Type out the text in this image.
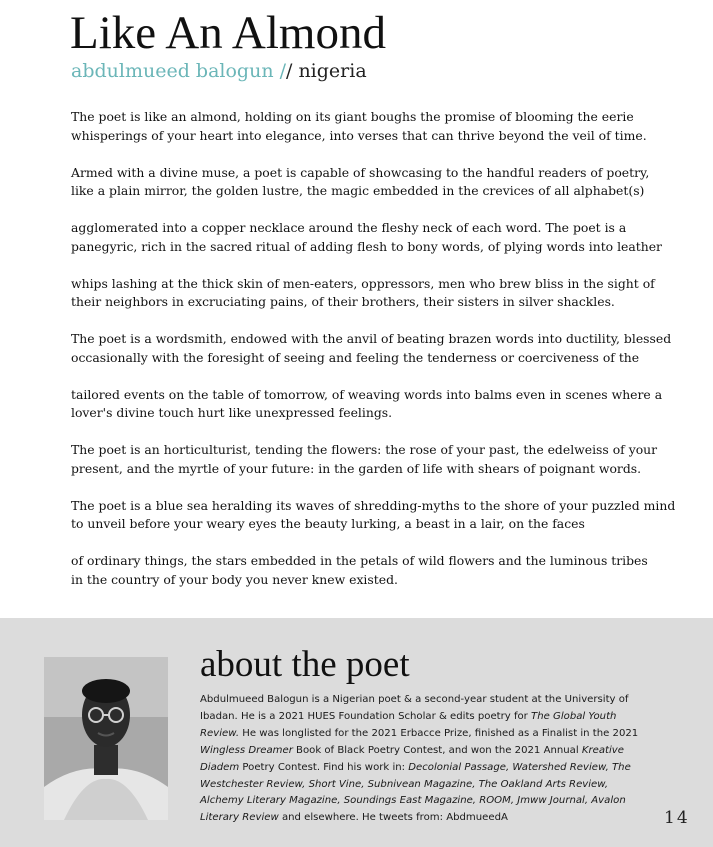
Like An Almond

abdulmueed balogun // nigeria

The poet is like an almond, holding on its giant boughs the promise of blooming the eerie
whisperings of your heart into elegance, into verses that can thrive beyond the veil of time.

Armed with a divine muse, a poet is capable of showcasing to the handful readers of poetry,
like a plain mirror, the golden lustre, the magic embedded in the crevices of all alphabet(s)

agglomerated into a copper necklace around the fleshy neck of each word. The poet is a
panegyric, rich in the sacred ritual of adding flesh to bony words, of plying words into leather

whips lashing at the thick skin of men-eaters, oppressors, men who brew bliss in the sight of
their neighbors in excruciating pains, of their brothers, their sisters in silver shackles.

The poet is a wordsmith, endowed with the anvil of beating brazen words into ductility, blessed
occasionally with the foresight of seeing and feeling the tenderness or coerciveness of the

tailored events on the table of tomorrow, of weaving words into balms even in scenes where a
lover's divine touch hurt like unexpressed feelings.

The poet is an horticulturist, tending the flowers: the rose of your past, the edelweiss of your
present, and the myrtle of your future: in the garden of life with shears of poignant words.

The poet is a blue sea heralding its waves of shredding-myths to the shore of your puzzled mind
to unveil before your weary eyes the beauty lurking, a beast in a lair, on the faces

of ordinary things, the stars embedded in the petals of wild flowers and the luminous tribes
in the country of your body you never knew existed.

about the poet

Abdulmueed Balogun is a Nigerian poet & a second-year student at the University of
Ibadan. He is a 2021 HUES Foundation Scholar & edits poetry for The Global Youth
Review. He was longlisted for the 2021 Erbacce Prize, finished as a Finalist in the 2021
Wingless Dreamer Book of Black Poetry Contest, and won the 2021 Annual Kreative
Diadem Poetry Contest. Find his work in: Decolonial Passage, Watershed Review, The
Westchester Review, Short Vine, Subnivean Magazine, The Oakland Arts Review,
Alchemy Literary Magazine, Soundings East Magazine, ROOM, Jmww Journal, Avalon
Literary Review and elsewhere. He tweets from: AbdmueedA	14
